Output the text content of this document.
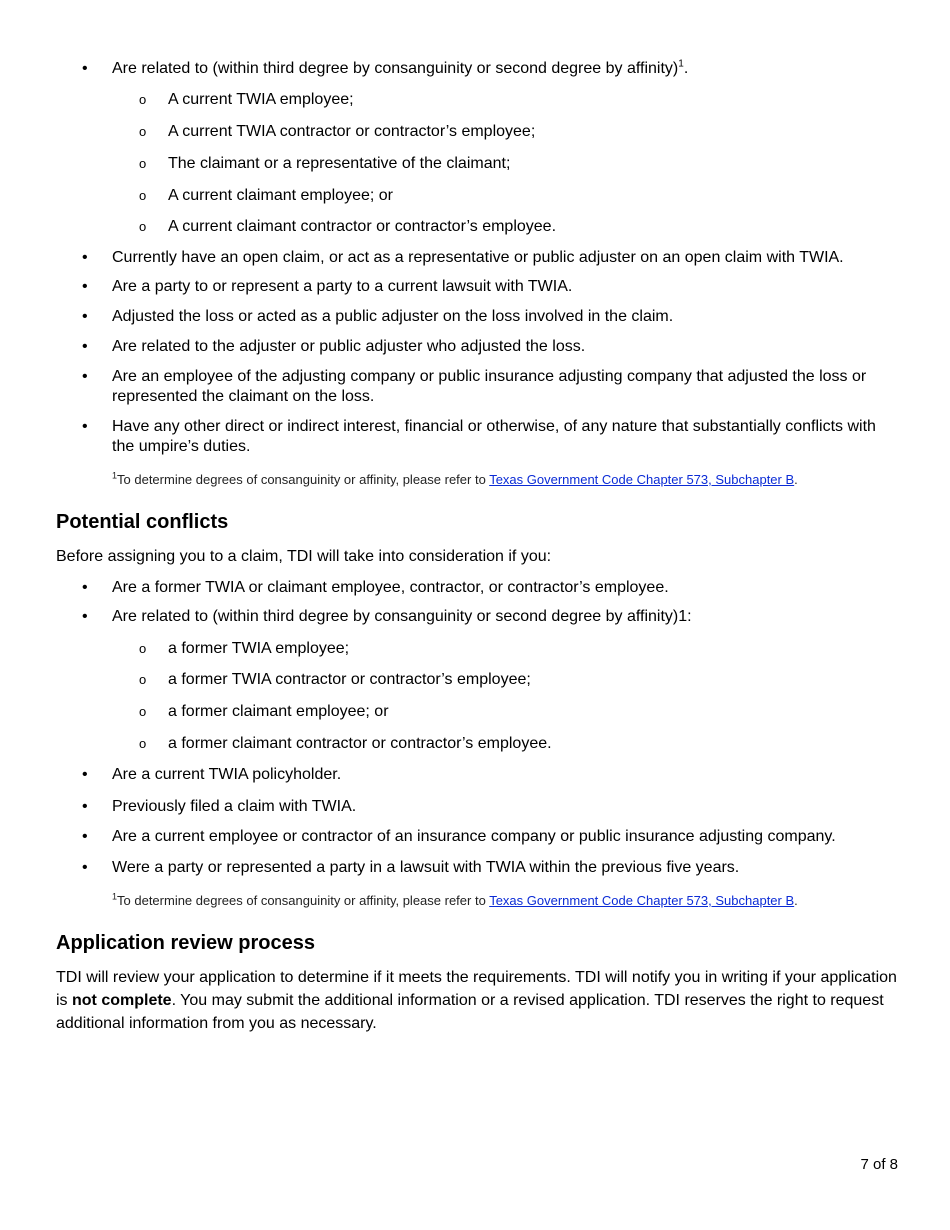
• Are related to (within third degree by consanguinity or second degree by affinity)$^1$.

o A current TWIA employee;

o A current TWIA contractor or contractor’s employee;

o The claimant or a representative of the claimant;

o A current claimant employee; or

o A current claimant contractor or contractor’s employee.

• Currently have an open claim, or act as a representative or public adjuster on an open claim with TWIA.

• Are a party to or represent a party to a current lawsuit with TWIA.

• Adjusted the loss or acted as a public adjuster on the loss involved in the claim.

• Are related to the adjuster or public adjuster who adjusted the loss.

• Are an employee of the adjusting company or public insurance adjusting company that adjusted the loss or represented the claimant on the loss.

• Have any other direct or indirect interest, financial or otherwise, of any nature that substantially conflicts with the umpire’s duties.

$^1$To determine degrees of consanguinity or affinity, please refer to Texas Government Code Chapter 573, Subchapter B.

Potential conflicts

Before assigning you to a claim, TDI will take into consideration if you:

• Are a former TWIA or claimant employee, contractor, or contractor’s employee.

• Are related to (within third degree by consanguinity or second degree by affinity)1:

o a former TWIA employee;

o a former TWIA contractor or contractor’s employee;

o a former claimant employee; or

o a former claimant contractor or contractor’s employee.

• Are a current TWIA policyholder.

• Previously filed a claim with TWIA.

• Are a current employee or contractor of an insurance company or public insurance adjusting company.

• Were a party or represented a party in a lawsuit with TWIA within the previous five years.

$^1$To determine degrees of consanguinity or affinity, please refer to Texas Government Code Chapter 573, Subchapter B.

Application review process

TDI will review your application to determine if it meets the requirements. TDI will notify you in writing if your application is not complete. You may submit the additional information or a revised application. TDI reserves the right to request additional information from you as necessary.

7 of 8
